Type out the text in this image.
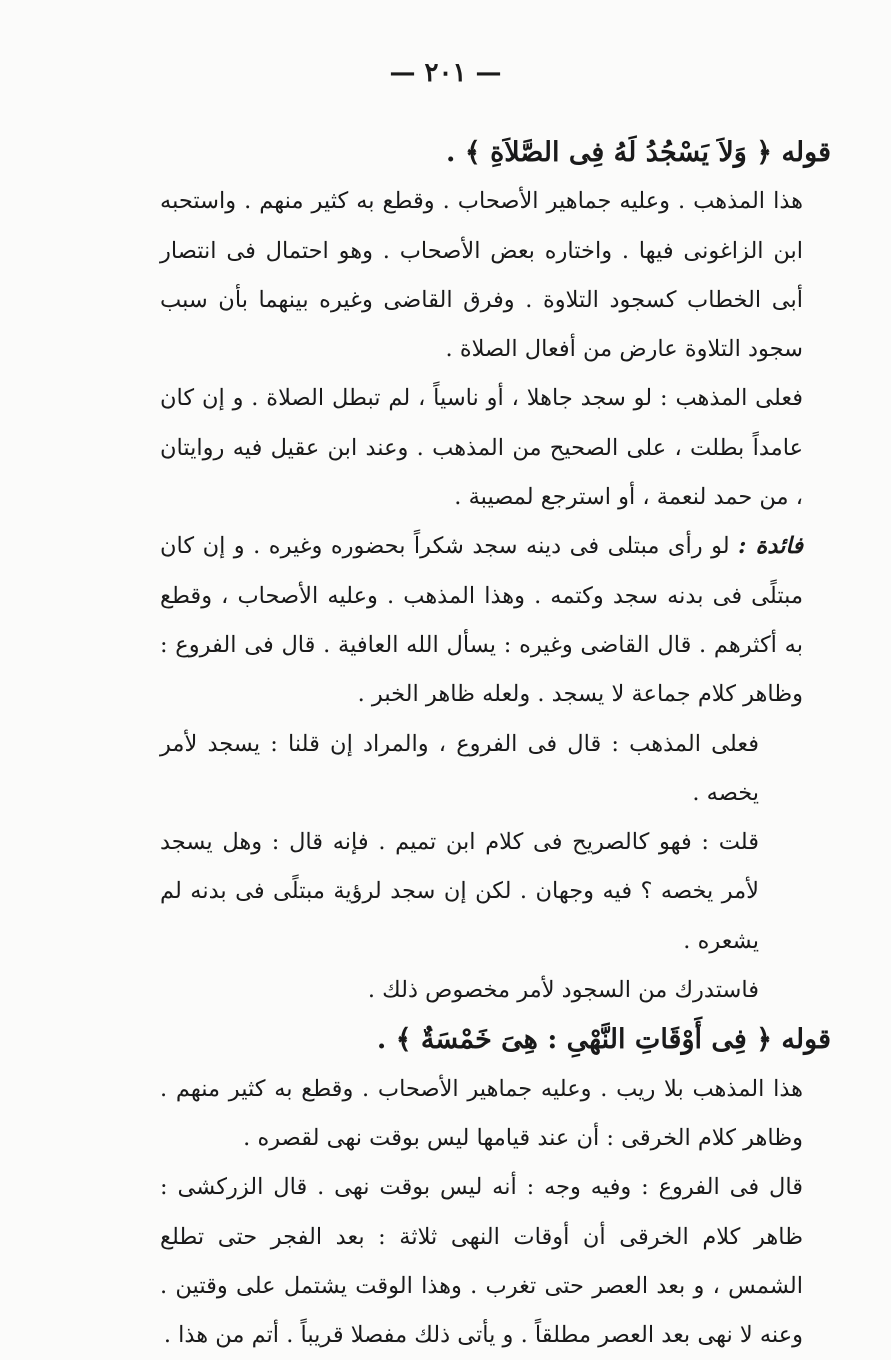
— ٢٠١ —

قوله ﴿ وَلاَ يَسْجُدُ لَهُ فِى الصَّلاَةِ ﴾ .

هذا المذهب . وعليه جماهير الأصحاب . وقطع به كثير منهم . واستحبه ابن الزاغونى فيها . واختاره بعض الأصحاب . وهو احتمال فى انتصار أبى الخطاب كسجود التلاوة . وفرق القاضى وغيره بينهما بأن سبب سجود التلاوة عارض من أفعال الصلاة .

فعلى المذهب : لو سجد جاهلا ، أو ناسياً ، لم تبطل الصلاة . و إن كان عامداً بطلت ، على الصحيح من المذهب . وعند ابن عقيل فيه روايتان ، من حمد لنعمة ، أو استرجع لمصيبة .

فائدة : لو رأى مبتلى فى دينه سجد شكراً بحضوره وغيره . و إن كان مبتلًى فى بدنه سجد وكتمه . وهذا المذهب . وعليه الأصحاب ، وقطع به أكثرهم . قال القاضى وغيره : يسأل الله العافية . قال فى الفروع : وظاهر كلام جماعة لا يسجد . ولعله ظاهر الخبر .

فعلى المذهب : قال فى الفروع ، والمراد إن قلنا : يسجد لأمر يخصه .

قلت : فهو كالصريح فى كلام ابن تميم . فإنه قال : وهل يسجد لأمر يخصه ؟ فيه وجهان . لكن إن سجد لرؤية مبتلًى فى بدنه لم يشعره .

فاستدرك من السجود لأمر مخصوص ذلك .

قوله ﴿ فِى أَوْقَاتِ النَّهْىِ : هِىَ خَمْسَةٌ ﴾ .

هذا المذهب بلا ريب . وعليه جماهير الأصحاب . وقطع به كثير منهم . وظاهر كلام الخرقى : أن عند قيامها ليس بوقت نهى لقصره .

قال فى الفروع : وفيه وجه : أنه ليس بوقت نهى . قال الزركشى : ظاهر كلام الخرقى أن أوقات النهى ثلاثة : بعد الفجر حتى تطلع الشمس ، و بعد العصر حتى تغرب . وهذا الوقت يشتمل على وقتين . وعنه لا نهى بعد العصر مطلقاً . و يأتى ذلك مفصلا قريباً . أتم من هذا .
